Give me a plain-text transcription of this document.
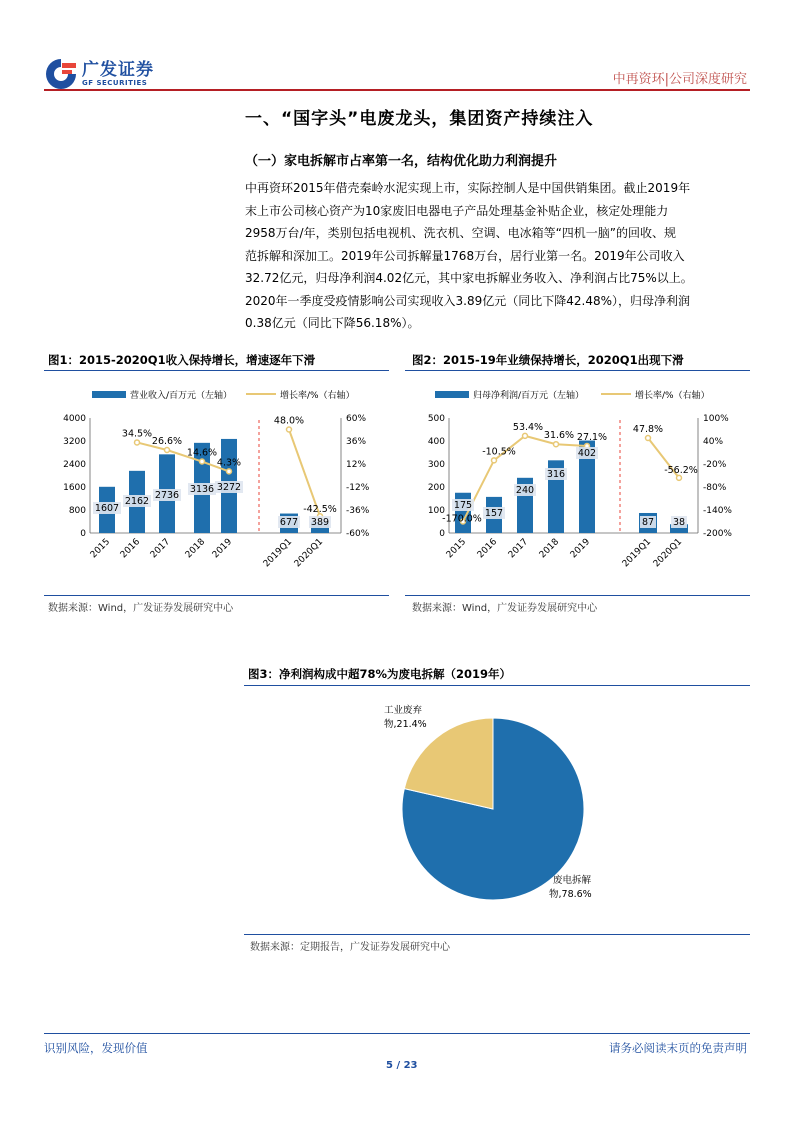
广发证券
GF SECURITIES	中再资环|公司深度研究
一、“国字头”电废龙头，集团资产持续注入
（一）家电拆解市占率第一名，结构优化助力利润提升

中再资环2015年借壳秦岭水泥实现上市，实际控制人是中国供销集团。截止2019年

末上市公司核心资产为10家废旧电器电子产品处理基金补贴企业，核定处理能力

2958万台/年，类别包括电视机、洗衣机、空调、电冰箱等“四机一脑”的回收、规

范拆解和深加工。2019年公司拆解量1768万台，居行业第一名。2019年公司收入

32.72亿元，归母净利润4.02亿元，其中家电拆解业务收入、净利润占比75%以上。

2020年一季度受疫情影响公司实现收入3.89亿元（同比下降42.48%），归母净利润

0.38亿元（同比下降56.18%）。

图1：2015-2020Q1收入保持增长，增速逐年下滑
营业收入/百万元（左轴）	增长率/%（右轴）
0
800
1600
2400
3200
4000
-60%
-36%
-12%
12%
36%
60%
2015 2016 2017 2018 2019	2019Q1
2020Q1
1607
2162
2736
3136 3272
677 389
34.5%
26.6%
14.6%
4.3%
48.0%
-42.5%
数据来源：Wind，广发证券发展研究中心
图2：2015-19年业绩保持增长，2020Q1出现下滑
归母净利润/百万元（左轴）	增长率/%（右轴）
0
100
200
300
400
500
-200%
-140%
-80%
-20%
40%
100%
2015 2016 2017 2018 2019	2019Q1
2020Q1
175
157
240
316
402
87 38
-170.0%
-10.5%
53.4%
31.6% 27.1%
47.8%
-56.2%
数据来源：Wind，广发证券发展研究中心
图3：净利润构成中超78%为废电拆解（2019年）
废电拆解物,78.6%
工业废弃物,21.4%
数据来源：定期报告，广发证券发展研究中心
识别风险，发现价值	请务必阅读末页的免责声明
5 / 23
